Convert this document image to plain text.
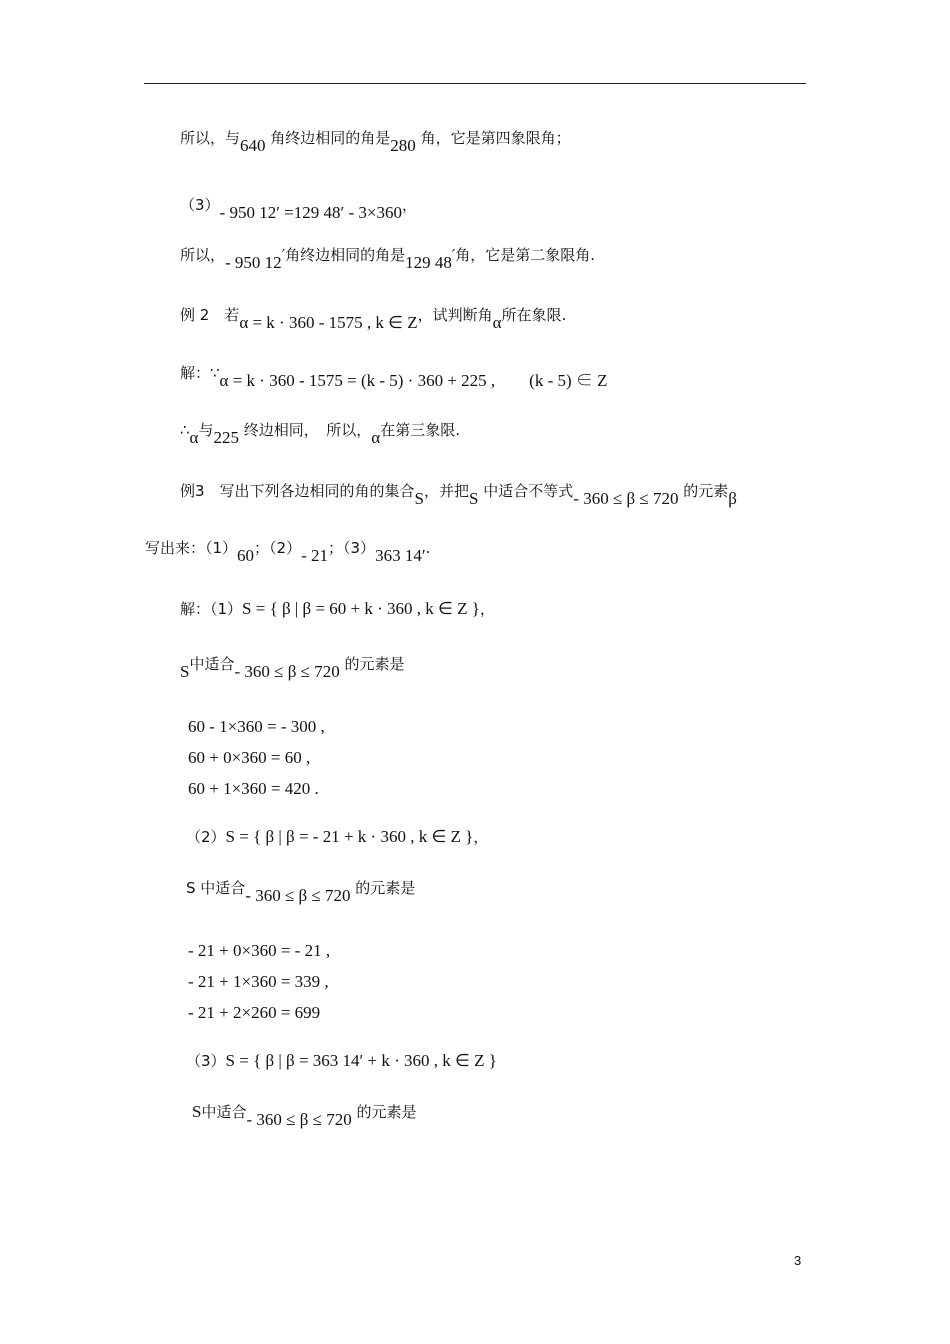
所以，与640 角终边相同的角是280 角，它是第四象限角；
（3）- 950 12′ =129 48′ - 3×360，
所以，- 950 12′角终边相同的角是129 48′角，它是第二象限角.
例 2　若α = k · 360 - 1575 , k ∈ Z，试判断角α所在象限.
解：∵α = k · 360 - 1575 = (k - 5) · 360 + 225 ,　　(k - 5) ∈ Z
∴α与225 终边相同，　所以，α在第三象限.
例3　写出下列各边相同的角的集合S，并把S 中适合不等式- 360 ≤ β ≤ 720 的元素β
写出来：（1）60；（2）- 21；（3）363 14′.
解：（1）S = { β | β = 60 + k · 360 , k ∈ Z }，
S中适合- 360 ≤ β ≤ 720 的元素是
60 - 1×360 = - 300 ,
60 + 0×360 = 60 ,
60 + 1×360 = 420 .
（2）S = { β | β = - 21 + k · 360 , k ∈ Z }，
S 中适合- 360 ≤ β ≤ 720 的元素是
- 21 + 0×360 = - 21 ,
- 21 + 1×360 = 339 ,
- 21 + 2×260 = 699
（3）S = { β | β = 363 14′ + k · 360 , k ∈ Z }
S中适合- 360 ≤ β ≤ 720 的元素是
3
